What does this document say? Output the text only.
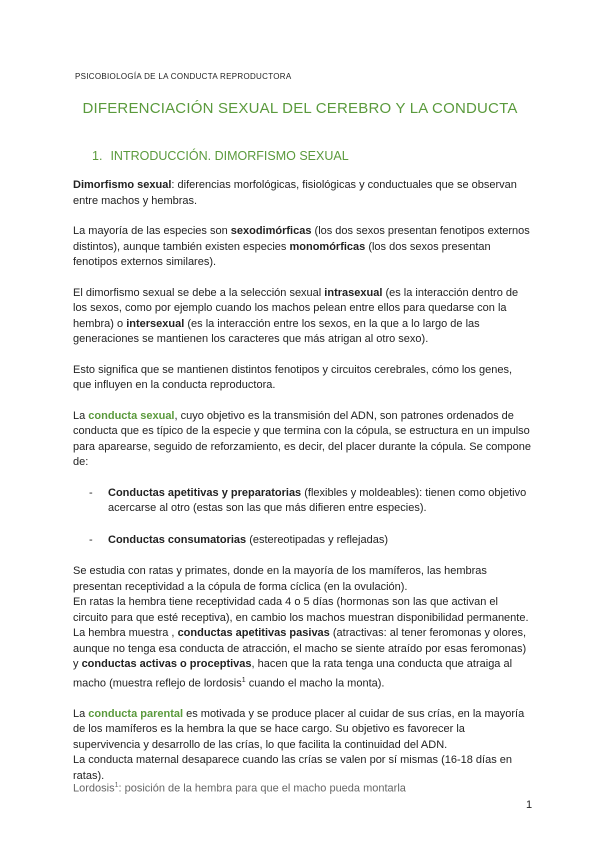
PSICOBIOLOGÍA DE LA CONDUCTA REPRODUCTORA
DIFERENCIACIÓN SEXUAL DEL CEREBRO Y LA CONDUCTA
1. INTRODUCCIÓN. DIMORFISMO SEXUAL

Dimorfismo sexual: diferencias morfológicas, fisiológicas y conductuales que se observan entre machos y hembras.

La mayoría de las especies son sexodimórficas (los dos sexos presentan fenotipos externos distintos), aunque también existen especies monomórficas (los dos sexos presentan fenotipos externos similares).

El dimorfismo sexual se debe a la selección sexual intrasexual (es la interacción dentro de los sexos, como por ejemplo cuando los machos pelean entre ellos para quedarse con la hembra) o intersexual (es la interacción entre los sexos, en la que a lo largo de las generaciones se mantienen los caracteres que más atrigan al otro sexo).

Esto significa que se mantienen distintos fenotipos y circuitos cerebrales, cómo los genes, que influyen en la conducta reproductora.

La conducta sexual, cuyo objetivo es la transmisión del ADN, son patrones ordenados de conducta que es típico de la especie y que termina con la cópula, se estructura en un impulso para aparearse, seguido de reforzamiento, es decir, del placer durante la cópula. Se compone de:

- Conductas apetitivas y preparatorias (flexibles y moldeables): tienen como objetivo acercarse al otro (estas son las que más difieren entre especies).
- Conductas consumatorias (estereotipadas y reflejadas)

Se estudia con ratas y primates, donde en la mayoría de los mamíferos, las hembras presentan receptividad a la cópula de forma cíclica (en la ovulación).

En ratas la hembra tiene receptividad cada 4 o 5 días (hormonas son las que activan el circuito para que esté receptiva), en cambio los machos muestran disponibilidad permanente.

La hembra muestra , conductas apetitivas pasivas (atractivas: al tener feromonas y olores, aunque no tenga esa conducta de atracción, el macho se siente atraído por esas feromonas) y conductas activas o proceptivas, hacen que la rata tenga una conducta que atraiga al macho (muestra reflejo de lordosis$^1$ cuando el macho la monta).

La conducta parental es motivada y se produce placer al cuidar de sus crías, en la mayoría de los mamíferos es la hembra la que se hace cargo. Su objetivo es favorecer la supervivencia y desarrollo de las crías, lo que facilita la continuidad del ADN.

La conducta maternal desaparece cuando las crías se valen por sí mismas (16-18 días en ratas).

Lordosis$^1$: posición de la hembra para que el macho pueda montarla
1
